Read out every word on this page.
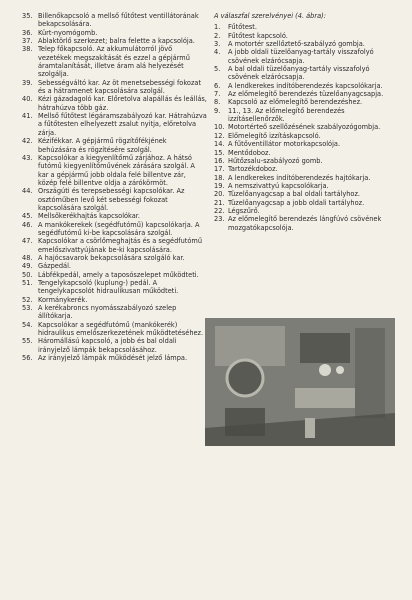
35. Billenőkapcsoló a mellső fűtőtest ventillátorának bekapcsolására.
36. Kürt-nyomógomb.
37. Ablaktörlő szerkezet; balra felette a kapcsolója.
38. Telep főkapcsoló. Az akkumulátorról jövő vezetékek megszakítását és ezzel a gépjármű áramtalanítását, illetve áram alá helyezését szolgálja.
39. Sebességváltó kar. Az öt menetsebességi fokozat és a hátramenet kapcsolására szolgál.
40. Kézi gázadagoló kar. Előretolva alapállás és leállás, hátrahúzva több gáz.
41. Mellső fűtőtest légáramszabályozó kar. Hátrahúzva a fűtőtesten elhelyezett zsalut nyitja, előretolva zárja.
42. Kézifékkar. A gépjármű rögzítőfékjének behúzására és rögzítésére szolgál.
43. Kapcsolókar a kiegyenlítőmű zárjához. A hátsó futómű kiegyenlítőművének zárására szolgál. A kar a gépjármű jobb oldala felé billentve zár, közép felé billentve oldja a zárókörmöt.
44. Országúti és terepsebességi kapcsolókar. Az osztóműben levő két sebességi fokozat kapcsolására szolgál.
45. Mellsőkerékhajtás kapcsolókar.
46. A mankókerekek (segédfutómű) kapcsolókarja. A segédfutómű ki-be kapcsolására szolgál.
47. Kapcsolókar a csörlőmeghajtás és a segédfutómű emelőszivattyújának be-ki kapcsolására.
48. A hajócsavarok bekapcsolására szolgáló kar.
49. Gázpedál.
50. Lábfékpedál, amely a taposószelepet működteti.
51. Tengelykapcsoló (kuplung-) pedál. A tengelykapcsolót hidraulikusan működteti.
52. Kormánykerék.
53. A kerékabroncs nyomásszabályozó szelep állítókarja.
54. Kapcsolókar a segédfutómű (mankókerék) hidraulikus emelőszerkezetének működtetéséhez.
55. Háromállású kapcsoló, a jobb és bal oldali irányjelző lámpák bekapcsolásához.
56. Az irányjelző lámpák működését jelző lámpa.
A válaszfal szerelvényei (4. ábra):
1.	Fűtőtest.
2.	Fűtőtest kapcsoló.
3.	A motortér szellőztető-szabályzó gombja.
4.	A jobb oldali tüzelőanyag-tartály visszafolyó csövének elzárócsapja.
5.	A bal oldali tüzelőanyag-tartály visszafolyó csövének elzárócsapja.
6.	A lendkerekes indítóberendezés kapcsolókarja.
7.	Az előmelegítő berendezés tüzelőanyagcsapja.
8.	Kapcsoló az előmelegítő berendezéshez.
9.	11., 13. Az előmelegítő berendezés izzításellenőrzők.
10. Motortérteő szellőzésének szabályozógombja.
12. Előmelegítő izzításkapcsoló.
14. A fűtőventillátor motorkapcsolója.
15. Mentődoboz.
16. Hűtőzsalu-szabályozó gomb.
17. Tartozékdoboz.
18. A lendkerekes indítóberendezés hajtókarja.
19. A nemszivattyú kapcsolókarja.
20. Tüzelőanyagcsap a bal oldali tartályhoz.
21. Tüzelőanyagcsap a jobb oldali tartályhoz.
22. Légszűrő.
23. Az előmelegítő berendezés lángfúvó csövének mozgatókapcsolója.
